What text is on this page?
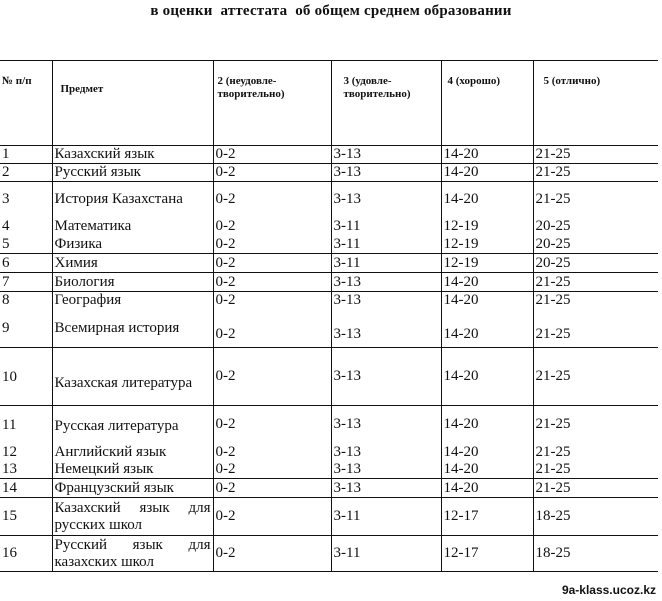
в оценки  аттестата  об общем среднем образовании
№ п/п	Предмет	2 (неудовле-творительно)	3 (удовле-творительно)	4 (хорошо)	5 (отлично)
1	Казахский язык	0-2	3-13	14-20	21-25
2	Русский язык	0-2	3-13	14-20	21-25
3	История Казахстана	0-2	3-13	14-20	21-25
4	Математика	0-2	3-11	12-19	20-25
5	Физика	0-2	3-11	12-19	20-25
6	Химия	0-2	3-11	12-19	20-25
7	Биология	0-2	3-13	14-20	21-25
8	География	0-2	3-13	14-20	21-25
9	Всемирная история	0-2	3-13	14-20	21-25
10	Казахская литература	0-2	3-13	14-20	21-25
11	Русская литература	0-2	3-13	14-20	21-25
12	Английский язык	0-2	3-13	14-20	21-25
13	Немецкий язык	0-2	3-13	14-20	21-25
14	Французский язык	0-2	3-13	14-20	21-25
15	Казахский язык для русских школ	0-2	3-11	12-17	18-25
16	Русский язык для казахских школ	0-2	3-11	12-17	18-25
9a-klass.ucoz.kz
